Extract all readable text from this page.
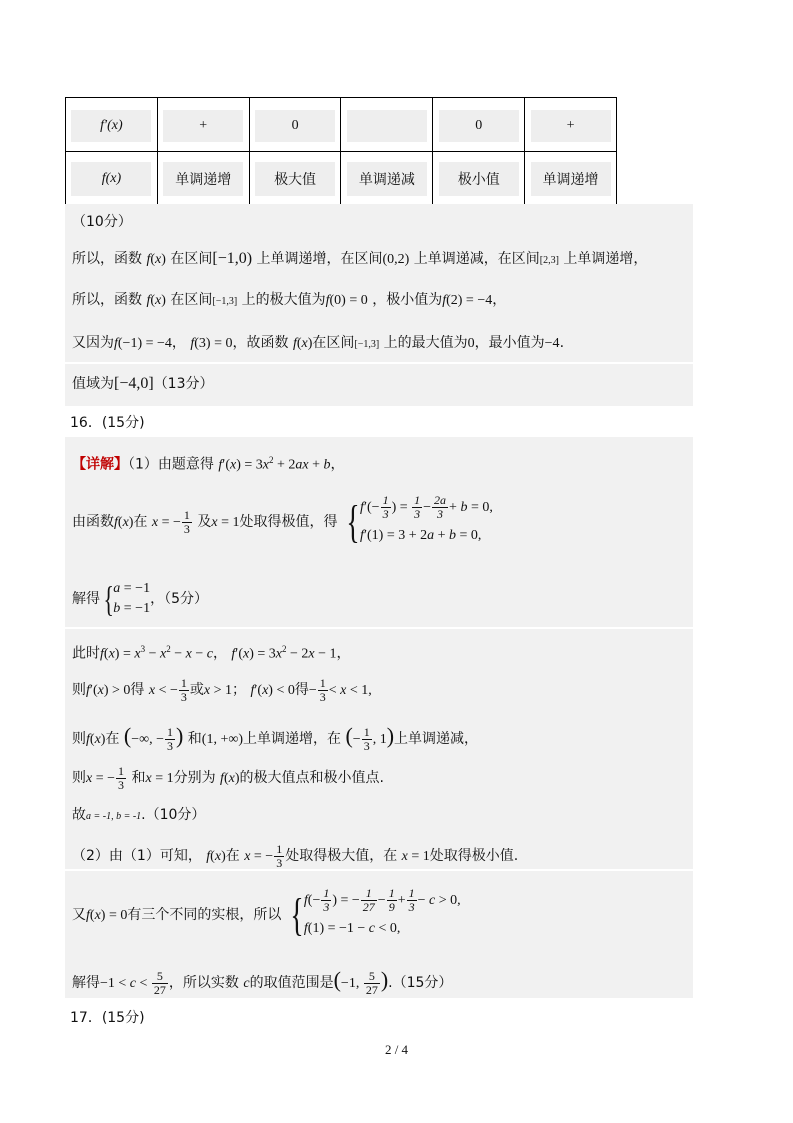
f′(x)	+	0		0	+

f(x)	单调递增	极大值	单调递减	极小值	单调递增
（10分）
所以，函数 f(x) 在区间[−1,0) 上单调递增，在区间(0,2) 上单调递减，在区间[2,3] 上单调递增，
所以，函数 f(x) 在区间[−1,3] 上的极大值为f(0) = 0 ，极小值为f(2) = −4，
又因为f(−1) = −4， f(3) = 0，故函数 f(x)在区间[−1,3] 上的最大值为0，最小值为−4.
值域为[−4,0]（13分）
16．(15分)
【详解】（1）由题意得 $f'(x) = 3x^2 + 2ax + b$，
由函数f(x)在 x = − $\frac{1}{3}$ 及x = 1处取得极值，得 { $f'(- \frac{1}{3}$ ) = $\frac{1}{3} - \frac{2a}{3} + b = 0$,
f′(1) = 3 + 2a + b = 0,
解得{ a = −1
b = −1
，（5分）
此时$f(x) = x^3 - x^2 - x - c$， $f'(x) = 3x^2 - 2x - 1$，
则f′(x) > 0得 x < − $\frac{1}{3}$ 或x > 1； f′(x) < 0得− $\frac{1}{3} < x < 1$,
则f(x)在 (−∞, − $\frac{1}{3}$ ) 和(1, +∞)上单调递增，在 (− $\frac{1}{3}$ , 1)上单调递减，
则x = − $\frac{1}{3}$ 和x = 1分别为 f(x)的极大值点和极小值点.
故a = -1, b = -1.（10分）
（2）由（1）可知， f(x)在 x = − $\frac{1}{3}$ 处取得极大值，在 x = 1处取得极小值.
又f(x) = 0有三个不同的实根，所以 { $f(- \frac{1}{3}$ ) = − $\frac{1}{27} - \frac{1}{9} + \frac{1}{3} - c > 0$,
f(1) = −1 − c < 0,
解得$-1 < c < \frac{5}{27}$ ，所以实数 c的取值范围是(−1, $\frac{5}{27} ).(15$分）
17．(15分)
2 / 4
